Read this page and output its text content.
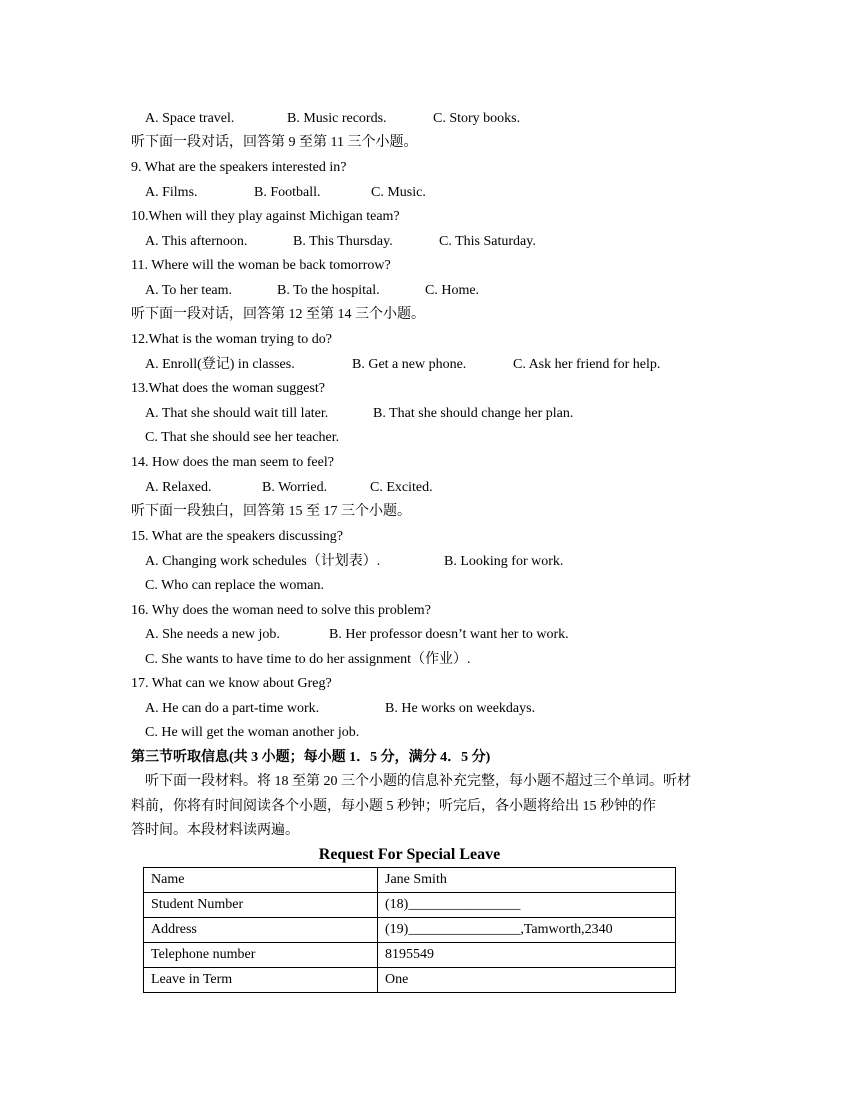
A. Space travel.	B. Music records.	C. Story books.
听下面一段对话，回答第 9 至第 11 三个小题。
9. What are the speakers interested in?
A. Films.	B. Football.	C. Music.
10.When will they play against Michigan team?
A. This afternoon.	B. This Thursday.	C. This Saturday.
11. Where will the woman be back tomorrow?
A. To her team.	B. To the hospital.	C. Home.
听下面一段对话，回答第 12 至第 14 三个小题。
12.What is the woman trying to do?
A. Enroll(登记) in classes.	B. Get a new phone.	C. Ask her friend for help.
13.What does the woman suggest?
A. That she should wait till later.	B. That she should change her plan.
C. That she should see her teacher.
14. How does the man seem to feel?
A. Relaxed.	B. Worried.	C. Excited.
听下面一段独白，回答第 15 至 17 三个小题。
15. What are the speakers discussing?
A. Changing work schedules（计划表）.	B. Looking for work.
C. Who can replace the woman.
16. Why does the woman need to solve this problem?
A. She needs a new job.	B. Her professor doesn’t want her to work.
C. She wants to have time to do her assignment（作业）.
17. What can we know about Greg?
A. He can do a part-time work.	B. He works on weekdays.
C. He will get the woman another job.
第三节听取信息(共 3 小题；每小题 1．5 分，满分 4．5 分)
听下面一段材料。将 18 至第 20 三个小题的信息补充完整，每小题不超过三个单词。听材
料前，你将有时间阅读各个小题，每小题 5 秒钟；听完后，各小题将给出 15 秒钟的作
答时间。本段材料读两遍。
Request For Special Leave
Name	Jane Smith
Student Number	(18)________________
Address	(19)________________,Tamworth,2340
Telephone number	8195549
Leave in Term	One
